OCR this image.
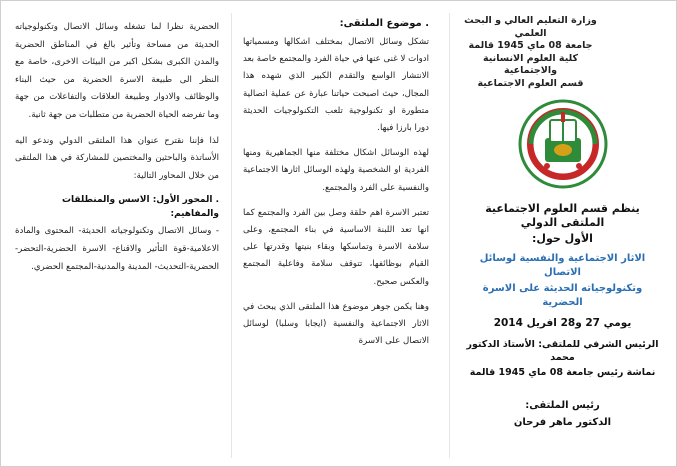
وزارة التعليم العالي و البحث العلمي

جامعة 08 ماي 1945 قالمة

كلية العلوم الانسانية والاجتماعية

قسم العلوم الاجتماعية

ينظم قسم العلوم الاجتماعية الملتقى الدولي

الأول حول:

الاثار الاجتماعية والنفسية لوسائل الاتصال

وتكنولوجياته الحديثة على الاسرة الحضرية

يومي 27 و28 افريل 2014

الرئيس الشرفي للملتقى: الأستاذ الدكتور محمد

نماشة رئيس جامعة 08 ماي 1945 قالمة

رئيس الملتقى:

الدكتور ماهر فرحان

. موضوع الملتقى:

تشكل وسائل الاتصال بمختلف اشكالها ومسمياتها ادوات لا غنى عنها في حياة الفرد والمجتمع خاصة بعد الانتشار الواسع والتقدم الكبير الذي شهده هذا المجال، حيث اصبحت حياتنا عبارة عن عملية اتصالية متطورة او تكنولوجية تلعب التكنولوجيات الحديثة دورا بارزا فيها.

لهذه الوسائل اشكال مختلفة منها الجماهيرية ومنها الفردية او الشخصية ولهذه الوسائل اثارها الاجتماعية والنفسية على الفرد والمجتمع.

تعتبر الاسرة اهم حلقة وصل بين الفرد والمجتمع كما انها تعد اللبنة الاساسية في بناء المجتمع، وعلى سلامة الاسرة وتماسكها وبقاء بنيتها وقدرتها على القيام بوظائفها، تتوقف سلامة وفاعلية المجتمع والعكس صحيح.

وهنا يكمن جوهر موضوع هذا الملتقى الذي يبحث في الاثار الاجتماعية والنفسية (ايجابا وسلبا) لوسائل الاتصال على الاسرة

الحضرية نظرا لما تشغله وسائل الاتصال وتكنولوجياته الحديثة من مساحة وتأثير بالغ في المناطق الحضرية والمدن الكبرى بشكل اكبر من البيئات الاخرى، خاصة مع النظر الى طبيعة الاسرة الحضرية من حيث البناء والوظائف والادوار وطبيعة العلاقات والتفاعلات من جهة وما تفرضه الحياة الحضرية من متطلبات من جهة ثانية.

لذا فإننا نقترح عنوان هذا الملتقى الدولي وندعو اليه الأساتذة والباحثين والمختصين للمشاركة في هذا الملتقى من خلال المحاور التالية:

. المحور الأول: الاسس والمنطلقات والمفاهيم:

- وسائل الاتصال وتكنولوجياته الحديثة- المحتوى والمادة الاعلامية-قوة التأثير والاقناع- الاسرة الحضرية-التحضر-الحضرية-التحديث- المدينة والمدنية-المجتمع الحضري.
